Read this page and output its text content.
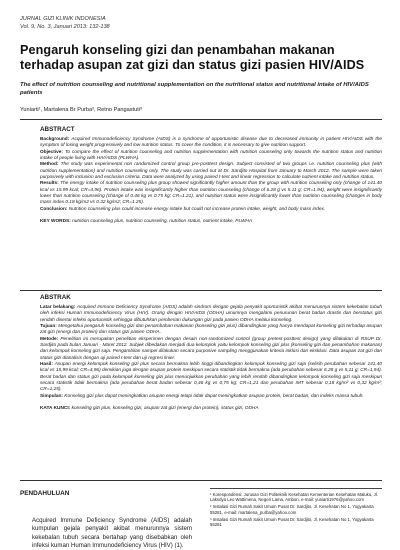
JURNAL GIZI KLINIK INDONESIA
Vol. 9, No. 3, Januari 2013: 132-138
Pengaruh konseling gizi dan penambahan makanan terhadap asupan zat gizi dan status gizi pasien HIV/AIDS
The effect of nutrition counseling and nutritional supplementation on the nutritional status and nutritional intake of HIV/AIDS patients
Yuniarti¹, Martalena Br Purba², Retno Pangastuti³
ABSTRACT
Background: Acquired Immunodeficiency Syndrome (AIDS) is a syndrome of opportunistic disease due to decreased immunity in patient HIV/AIDS with the symptom of losing weight progressively and low nutrition status. To cover the condition, it is necessary to give nutrition support.
Objective: To compare the effect of nutrition counseling and nutrition supplementation with nutrition counseling only towards the nutrition status and nutrition intake of people living with HIV/AIDS (PLWHA).
Method: The study was experimental non randomized control group pre-posttest design. Subject consisted of two groups i.e. nutrition counseling plus (with nutrition supplementation) and nutrition counseling only. The study was carried out at Dr. Sardjito Hospital from January to March 2012. The sample were taken purposively with inclusion and exclusion criteria. Data were analyzed by using paired t-test and linear regression to calculate nutrient intake and nutrition status.
Results: The energy intake of nutrition counseling plus group showed significantly higher amount than the group with nutrition counseling only (change of 141.40 kcal vs 15.99 kcal; CR=4.96). Protein intake was insignificantly higher than nutrition counseling (change of 6.28 g vs 5.11 g; CR=1.94), weight were insignificantly lower than nutrition counseling (change of 0.46 kg vs 0.75 kg; CR=1.21), and nutrition status were insignificantly lower than nutrition counseling (changes in body mass index 0.18 kg/m2 vs 0.32 kg/m2; CR=1.25).
Conclusion: Nutrition counseling plus could increase energy intake but could not increase protein intake, weight, and body mass index.
KEY WORDS: nutrition counseling plus, nutrition counseling, nutrition status, nutrient intake, PLWHA
ABSTRAK
Latar belakang: Acquired Immuno Deficiency Syndrome (AIDS) adalah sindrom dengan gejala penyakit oportunistik akibat menurunnya sistem kekebalan tubuh oleh infeksi Human Immunodeficiency Virus (HIV). Orang dengan HIV/AIDS (ODHA) umumnya mengalami penurunan berat badan drastis dan berstatus gizi rendah disertai infeksi oportunistik sehingga dibutuhkan pemberian dukungan gizi pada pasien ODHA melalui konseling.
Tujuan: Mengetahui pengaruh konseling gizi dan penambahan makanan (konseling gizi plus) dibandingkan yang hanya mendapat konseling gizi terhadap asupan zat gizi (energi dan protein) dan status gizi pasien ODHA.
Metode: Penelitian ini merupakan penelitian eksperimen dengan desain non-randomized control (group pretest-posttest design) yang dilakukan di RSUP Dr. Sardjito pada bulan Januari - Maret 2012. Subjek dibedakan menjadi dua kelompok yaitu kelompok konseling gizi plus (konseling gizi dan penambahan makanan) dan kelompok konseling gizi saja. Pengambilan sampel dilakukan secara purposive sampling menggunakan kriteria inklusi dan eksklusi. Data asupan zat gizi dan status gizi dianalisis dengan uji paired t-test dan uji regresi linier.
Hasil: Asupan energi kelompok konseling gizi plus secara bermakna lebih tinggi dibandingkan kelompok konseling gizi saja (selisih perubahan sebesar 141,40 kcal vs 15,99 kcal; CR=4,96) demikian juga dengan asupan protein meskipun secara statistik tidak bermakna (ada perubahan sebesar 6,28 g vs 5,11 g; CR=1,94). Berat badan dan status gizi pada kelompok konseling gizi plus menunjukkan perubahan yang lebih rendah dibandingkan kelompok konseling gizi saja meskipun secara statistik tidak bermakna (ada perubahan berat badan sebesar 0,46 kg vs 0,75 kg; CR=1,21 dan perubahan IMT sebesar 0,18 kg/m² vs 0,32 kg/m²; CR=1,25).
Simpulan: Konseling gizi plus dapat meningkatkan asupan energi tetapi tidak dapat meningkatkan asupan protein, berat badan, dan indeks massa tubuh.
KATA KUNCI: konseling gizi plus, konseling gizi, asupan zat gizi (energi dan protein), status gizi, ODHA
PENDAHULUAN
Acquired Immune Deficiency Syndrome (AIDS) adalah kumpulan gejala penyakit akibat menurunnya sistem kekebalan tubuh secara bertahap yang disebabkan oleh infeksi kuman Human Immunodeficiency Virus (HIV) (1).
¹ Korespondensi: Jurusan Gizi Politeknik Kesehatan Kementerian Kesehatan Maluku, Jl. Laksdya Leo Wattimena, Negeri Lama, Ambon, e-mail: yuniarti1976@yahoo.com
² Instalasi Gizi Rumah Sakit Umum Pusat Dr. Sardjito, Jl. Kesehatan No 1, Yogyakarta 55281, e-mail: martalena_purba@yahoo.com
³ Instalasi Gizi Rumah Sakit Umum Pusat Dr. Sardjito, Jl. Kesehatan No 1, Yogyakarta 55281
